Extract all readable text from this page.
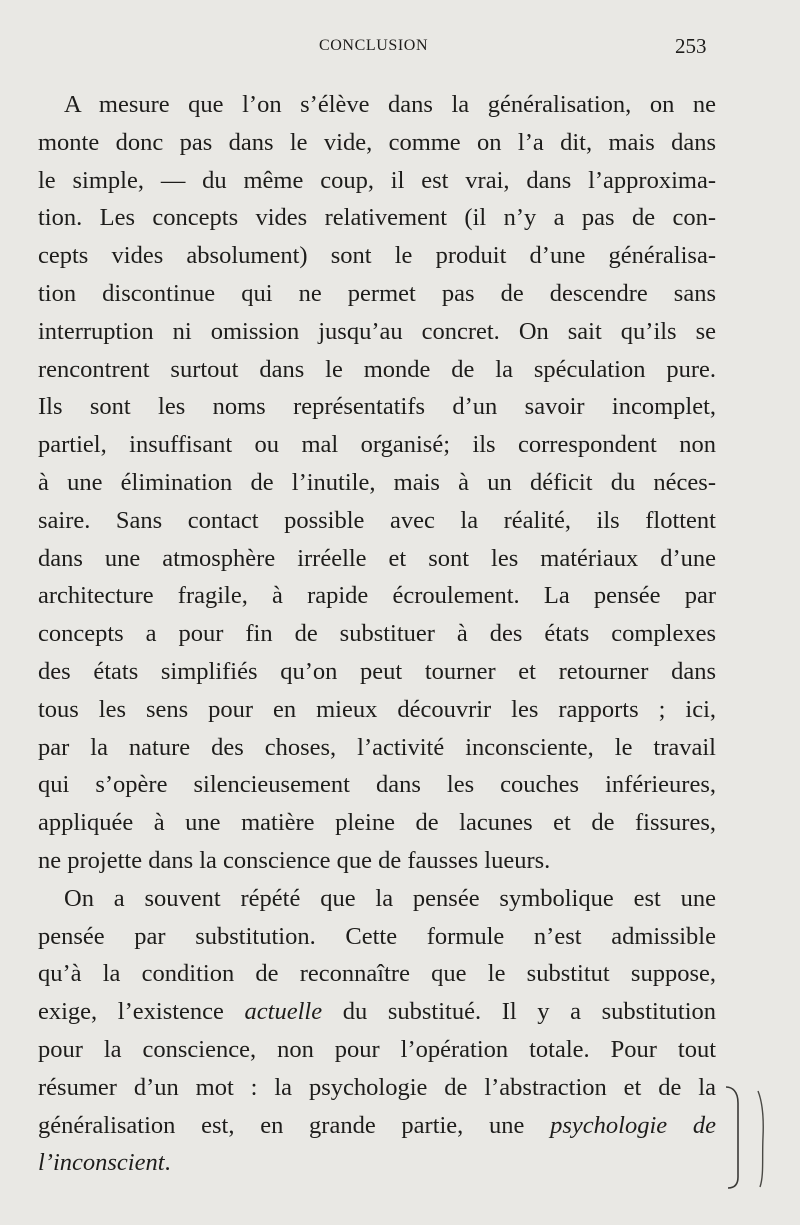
CONCLUSION	253
A mesure que l’on s’élève dans la généralisation, on ne
monte donc pas dans le vide, comme on l’a dit, mais dans
le simple, — du même coup, il est vrai, dans l’approxima-
tion. Les concepts vides relativement (il n’y a pas de con-
cepts vides absolument) sont le produit d’une généralisa-
tion discontinue qui ne permet pas de descendre sans
interruption ni omission jusqu’au concret. On sait qu’ils se
rencontrent surtout dans le monde de la spéculation pure.
Ils sont les noms représentatifs d’un savoir incomplet,
partiel, insuffisant ou mal organisé; ils correspondent non
à une élimination de l’inutile, mais à un déficit du néces-
saire. Sans contact possible avec la réalité, ils flottent
dans une atmosphère irréelle et sont les matériaux d’une
architecture fragile, à rapide écroulement. La pensée par
concepts a pour fin de substituer à des états complexes
des états simplifiés qu’on peut tourner et retourner dans
tous les sens pour en mieux découvrir les rapports ; ici,
par la nature des choses, l’activité inconsciente, le travail
qui s’opère silencieusement dans les couches inférieures,
appliquée à une matière pleine de lacunes et de fissures,
ne projette dans la conscience que de fausses lueurs.
On a souvent répété que la pensée symbolique est une
pensée par substitution. Cette formule n’est admissible
qu’à la condition de reconnaître que le substitut suppose,
exige, l’existence actuelle du substitué. Il y a substitution
pour la conscience, non pour l’opération totale. Pour tout
résumer d’un mot : la psychologie de l’abstraction et de la
généralisation est, en grande partie, une psychologie de
l’inconscient.
